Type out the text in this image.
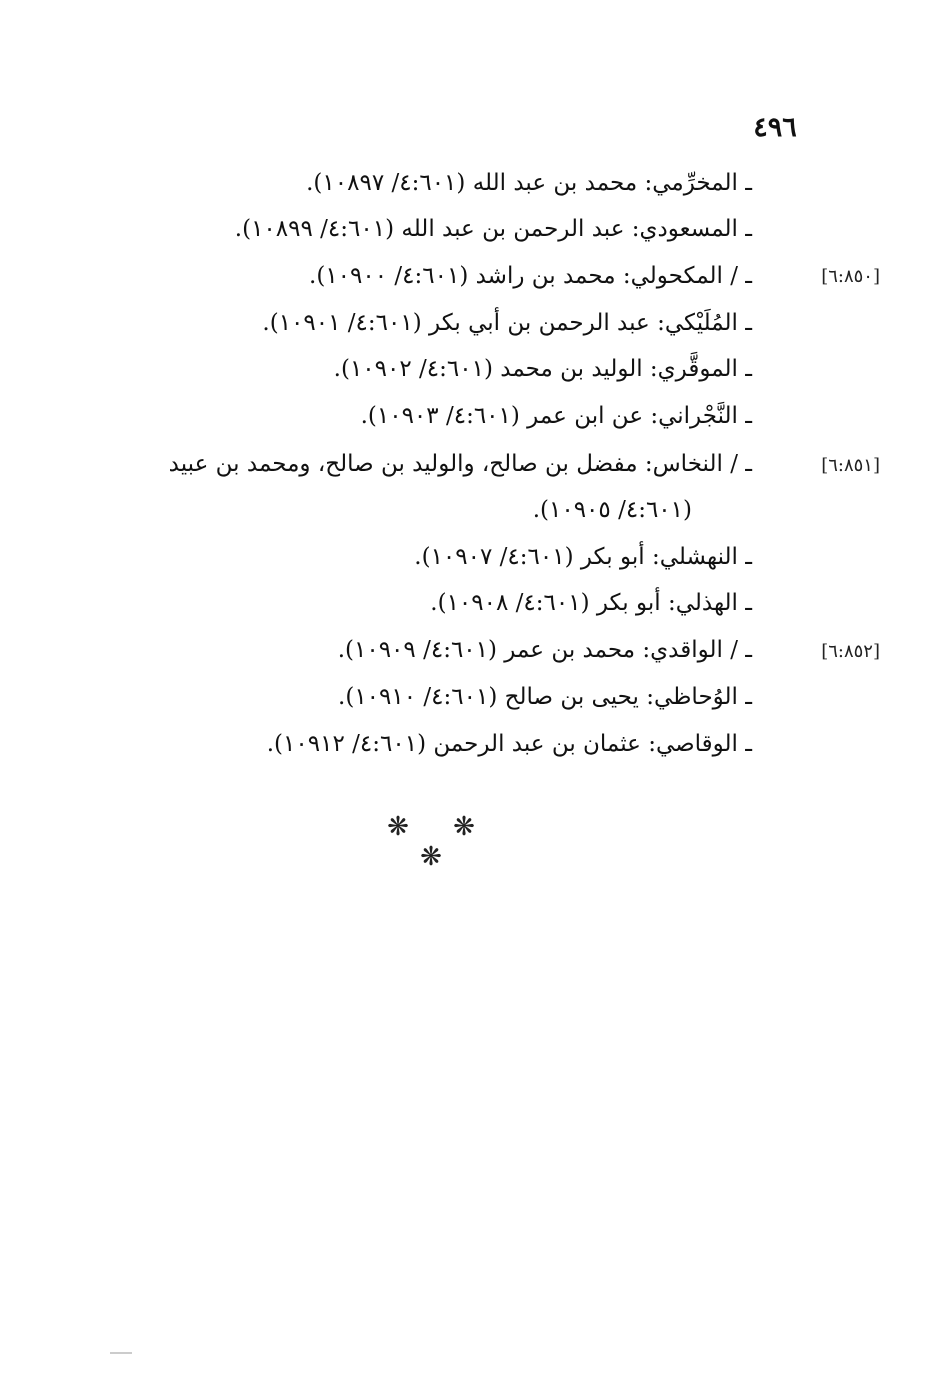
٤٩٦
ـ المخرِّمي: محمد بن عبد الله (٤:٦٠١/ ١٠٨٩٧).
ـ المسعودي: عبد الرحمن بن عبد الله (٤:٦٠١/ ١٠٨٩٩).
[٦:٨٥٠]
ـ / المكحولي: محمد بن راشد (٤:٦٠١/ ١٠٩٠٠).
ـ المُلَيْكي: عبد الرحمن بن أبي بكر (٤:٦٠١/ ١٠٩٠١).
ـ الموقَّري: الوليد بن محمد (٤:٦٠١/ ١٠٩٠٢).
ـ النَّجْراني: عن ابن عمر (٤:٦٠١/ ١٠٩٠٣).
[٦:٨٥١]
ـ / النخاس: مفضل بن صالح، والوليد بن صالح، ومحمد بن عبيد
(٤:٦٠١/ ١٠٩٠٥).
ـ النهشلي: أبو بكر (٤:٦٠١/ ١٠٩٠٧).
ـ الهذلي: أبو بكر (٤:٦٠١/ ١٠٩٠٨).
[٦:٨٥٢]
ـ / الواقدي: محمد بن عمر (٤:٦٠١/ ١٠٩٠٩).
ـ الوُحاظي: يحيى بن صالح (٤:٦٠١/ ١٠٩١٠).
ـ الوقاصي: عثمان بن عبد الرحمن (٤:٦٠١/ ١٠٩١٢).
❋ ❋ ❋
